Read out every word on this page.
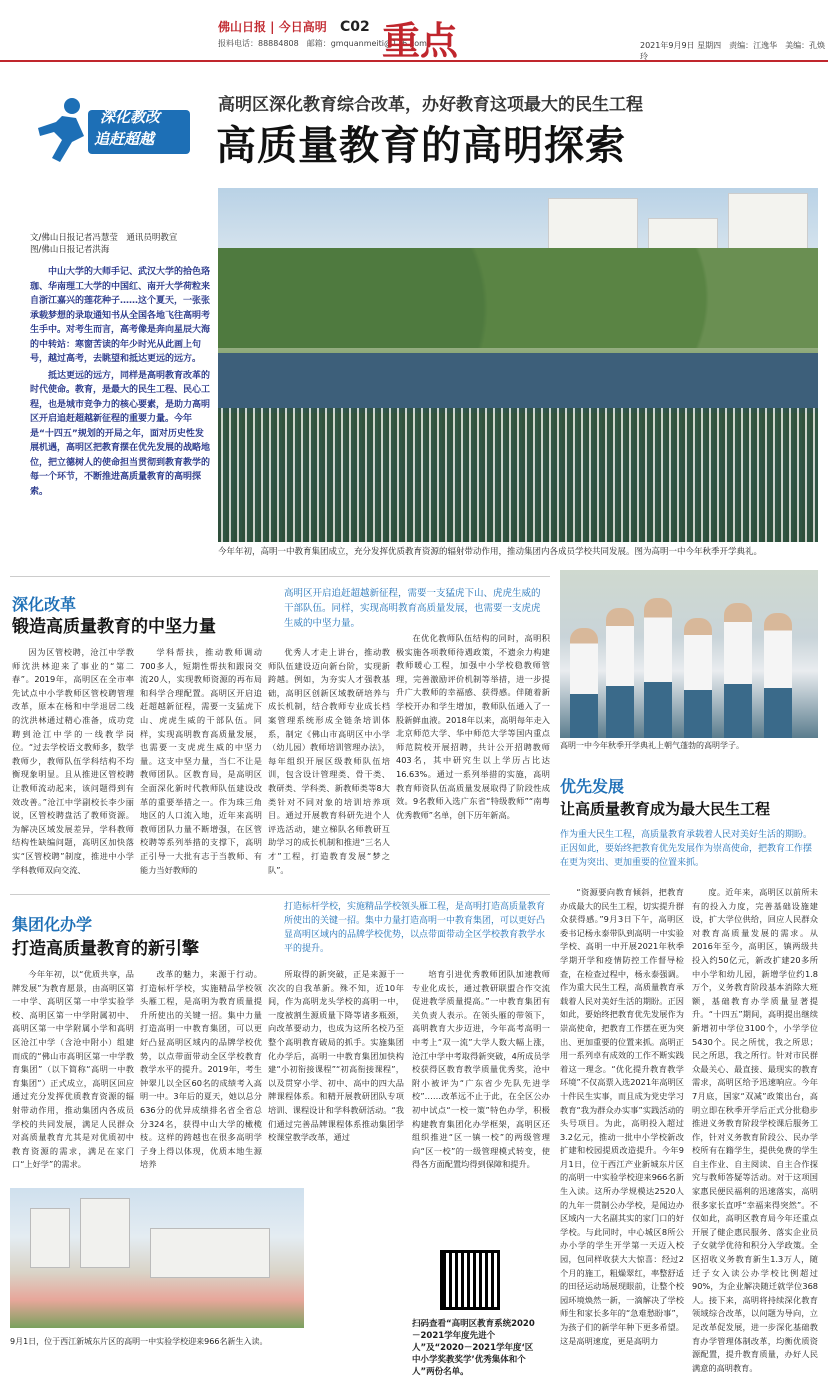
佛山日报 | 今日高明 C02
报料电话：88884808　邮箱：gmquanmeiti@126.com
重点	2021年9月9日 星期四　责编：江逸华　美编：孔焕玲
深化教改
追赶超越
高明区深化教育综合改革，办好教育这项最大的民生工程
高质量教育的高明探索
今年年初，高明一中教育集团成立，充分发挥优质教育资源的辐射带动作用，推动集团内各成员学校共同发展。图为高明一中今年秋季开学典礼。
文/佛山日报记者冯慧莹　通讯员明教宣
图/佛山日报记者洪海

中山大学的大师手记、武汉大学的拾色珞珈、华南理工大学的中国红、南开大学荷粒来自浙江嘉兴的莲花种子……这个夏天，一张张承载梦想的录取通知书从全国各地飞往高明考生手中。对考生而言，高考像是奔向星辰大海的中转站：寒窗苦读的年少时光从此画上句号，越过高考，去眺望和抵达更远的远方。

抵达更远的远方，同样是高明教育改革的时代使命。教育，是最大的民生工程、民心工程，也是城市竞争力的核心要素，是助力高明区开启追赶超越新征程的重要力量。今年是“十四五”规划的开局之年，面对历史性发展机遇，高明区把教育摆在优先发展的战略地位，把立德树人的使命担当贯彻到教育教学的每一个环节，不断推进高质量教育的高明探索。

深化改革
锻造高质量教育的中坚力量
高明区开启追赶超越新征程，需要一支猛虎下山、虎虎生威的干部队伍。同样，实现高明教育高质量发展，也需要一支虎虎生威的中坚力量。

因为区管校聘，沧江中学教师沈洪林迎来了事业的“第二春”。2019年，高明区在全市率先试点中小学教师区管校聘管理改革，原本在杨和中学退居二线的沈洪林通过精心准备，成功竞聘到沧江中学的一线教学岗位。“过去学校语文教师多，数学教师少，教师队伍学科结构不均衡现象明显。且从推进区管校聘让教师流动起来，该问题得到有效改善。”沧江中学副校长李少丽说，区管校聘盘活了教师资源。为解决区域发展差异，学科教师结构性缺编问题，高明区加快落实“区管校聘”制度，推进中小学学科教师双向交流、

学科帮扶，推动教师调动700多人，短期性帮扶和跟岗交流20人，实现教师资源的再布局和科学合理配置。高明区开启追赶超越新征程，需要一支猛虎下山、虎虎生威的干部队伍。同样，实现高明教育高质量发展，也需要一支虎虎生威的中坚力量。这支中坚力量，当仁不让是教师团队。区教育局，是高明区全面深化新时代教师队伍建设改革的重要举措之一。作为珠三角地区的人口流入地，近年来高明教师团队力量不断增强，在区管校聘等系列举措的支撑下，高明正引导一大批有志于当教师、有能力当好教师的

优秀人才走上讲台，推动教师队伍建设迈向新台阶，实现新跨越。例如，为夯实人才强教基础，高明区创新区域教研培养与成长机制，结合教师专业成长档案管理系统形成全链条培训体系，制定《佛山市高明区中小学（幼儿园）教师培训管理办法》，每年组织开展区级教师队伍培训，包含设计管理类、骨干类、教研类、学科类、新教师类等8大类针对不同对象的培训培养项目。通过开展教育科研先进个人评选活动，建立梯队名师教研互助学习的成长机制和推进“三名人才”工程，打造教育发展“梦之队”。

在优化教师队伍结构的同时，高明积极实施各项教师待遇政策，不遗余力构建教师暖心工程，加强中小学校稳教师管理，完善激励评价机制等举措，进一步提升广大教师的幸福感、获得感。伴随着新学校开办和学生增加，教师队伍通入了一股新鲜血液。2018年以来，高明每年走入北京师范大学、华中师范大学等国内重点师范院校开展招聘，共计公开招聘教师403名，其中研究生以上学历占比达16.63%。通过一系列举措的实施，高明教育师资队伍高质量发展取得了阶段性成效。9名教师入选广东省“特级教师”“南粤优秀教师”名单，创下历年新高。

高明一中今年秋季开学典礼上朝气蓬勃的高明学子。
优先发展
让高质量教育成为最大民生工程
作为重大民生工程，高质量教育承载着人民对美好生活的期盼。正因如此，要始终把教育优先发展作为崇高使命，把教育工作摆在更为突出、更加重要的位置来抓。

“资源要向教育倾斜，把教育办成最大的民生工程，切实提升群众获得感。”9月3日下午，高明区委书记杨永泰带队到高明一中实验学校、高明一中开展2021年秋季学期开学和疫情防控工作督导检查，在检查过程中，杨永泰强调。作为重大民生工程，高质量教育承载着人民对美好生活的期盼。正因如此，要始终把教育优先发展作为崇高使命，把教育工作摆在更为突出、更加重要的位置来抓。高明正用一系列卓有成效的工作不断实践着这一理念。“优化提升教育教学环境”不仅高票入选2021年高明区十件民生实事，而且成为党史学习教育“我为群众办实事”实践活动的头号项目。为此，高明投入超过3.2亿元，推动一批中小学校新改扩建和校园提质改造提升。今年9月1日，位于西江产业新城东片区的高明一中实验学校迎来966名新生入读。这所办学规模达2520人的九年一贯制公办学校，是闻边办区域内一大名副其实的家门口的好学校。与此同时，中心城区8所公办小学的学生开学第一天迈入校园，包同样收获大大惊喜：经过2个月的施工，粗燥翠红，率整舒适的田径运动场展现眼前，让整个校园环境焕然一新，一滴解决了学校师生和家长多年的“急难愁盼事”，为孩子们的新学年种下更多希望。这是高明速度，更是高明力

度。近年来，高明区以前所未有的投入力度，完善基础设施建设，扩大学位供给，回应人民群众对教育高质量发展的需求。从2016年至今，高明区，镇两级共投入约50亿元，新改扩建20多所中小学和幼儿园，新增学位约1.8万个，义务教育阶段基本消除大班额，基础教育办学质量显著提升。“十四五”期间，高明提出继续新增初中学位3100个，小学学位5430个。民之所忧，我之所思；民之所思，我之所行。针对市民群众最关心、最直接、最现实的教育需求，高明区给予迅速响应。今年7月底，国家“双减”政策出台，高明立即在秋季开学后正式分批稳步推进义务教育阶段学校课后服务工作，针对义务教育阶段公、民办学校所有在籍学生，提供免费的学生自主作业、自主阅读、自主合作探究与教师答疑等活动。对于这项国家惠民便民福利的迅速落实，高明很多家长直呼“幸福来得突然”。不仅如此，高明区教育局今年还重点开展了健企惠民服务、落实企业员子女就学优待和积分入学政策。全区招收义务教育新生1.3万人，随迁子女入读公办学校比例超过90%，为企业解决随迁就学位368人。接下来，高明将持续深化教育领域综合改革，以问题为导向，立足改革促发展，进一步深化基础教育办学管理体制改革，均衡优质资源配置，提升教育质量，办好人民满意的高明教育。

集团化办学
打造高质量教育的新引擎
打造标杆学校，实施精品学校领头雁工程，是高明打造高质量教育所使出的关键一招。集中力量打造高明一中教育集团，可以更好凸显高明区域内的品牌学校优势，以点带面带动全区学校教育教学水平的提升。

今年年初，以“优质共享，品牌发展”为教育愿景，由高明区第一中学、高明区第一中学实验学校、高明区第一中学附属初中、高明区第一中学附属小学和高明区沧江中学（含沧中附小）组建而成的“佛山市高明区第一中学教育集团”（以下简称“高明一中教育集团”）正式成立，高明区回应通过充分发挥优质教育资源的辐射带动作用，推动集团内各成员学校的共同发展，满足人民群众对高质量教育尤其是对优质初中教育资源的需求，满足在家门口“上好学”的需求。

改革的魅力，来源于行动。打造标杆学校，实施精品学校领头雁工程，是高明为教育质量提升所使出的关键一招。集中力量打造高明一中教育集团，可以更好凸显高明区域内的品牌学校优势，以点带面带动全区学校教育教学水平的提升。2019年，考生钟翠儿以全区60名的成绩考入高明一中。3年后的夏天，她以总分636分的优异成绩排名省全省总分324名，获得中山大学的橄榄枝。这样的跨越也在很多高明学子身上得以体现，优质本地生源培养

所取得的新突破，正是来源于一次次的自我革新。殊不知，近10年间，作为高明龙头学校的高明一中，一度被割生源质量下降等诸多瓶颈，向改革要动力，也成为这所名校乃至整个高明教育破局的抓手。实施集团化办学后，高明一中教育集团加快构建“小初衔接课程”“初高衔接课程”，以及贯穿小学、初中、高中的四大品牌课程体系。和精开展教研团队专项培训、课程设计和学科教研活动。“我们通过完善品牌课程体系推动集团学校课堂教学改革，通过

培育引进优秀教师团队加速教师专业化成长，通过教研联盟合作交流促进教学质量提高。”一中教育集团有关负责人表示。在领头雁的带领下，高明教育大步迈进，今年高考高明一中考上“双一流”大学人数大幅上涨，沧江中学中考取得新突破，4所成员学校获得区教育教学质量优秀奖，沧中附小被评为“广东省少先队先进学校”……改革远不止于此，在全区公办初中试点“一校一策”特色办学，积极构建教育集团化办学框架，高明区还组织推进“区一镇一校”的两级管理向“区一校”的一级管理模式转变，使得各方面配置均得到保障和提升。

9月1日，位于西江新城东片区的高明一中实验学校迎来966名新生入读。
扫码查看“高明区教育系统2020－2021学年度先进个人”及“2020－2021学年度‘区中小学奖教奖学’优秀集体和个人”两份名单。
